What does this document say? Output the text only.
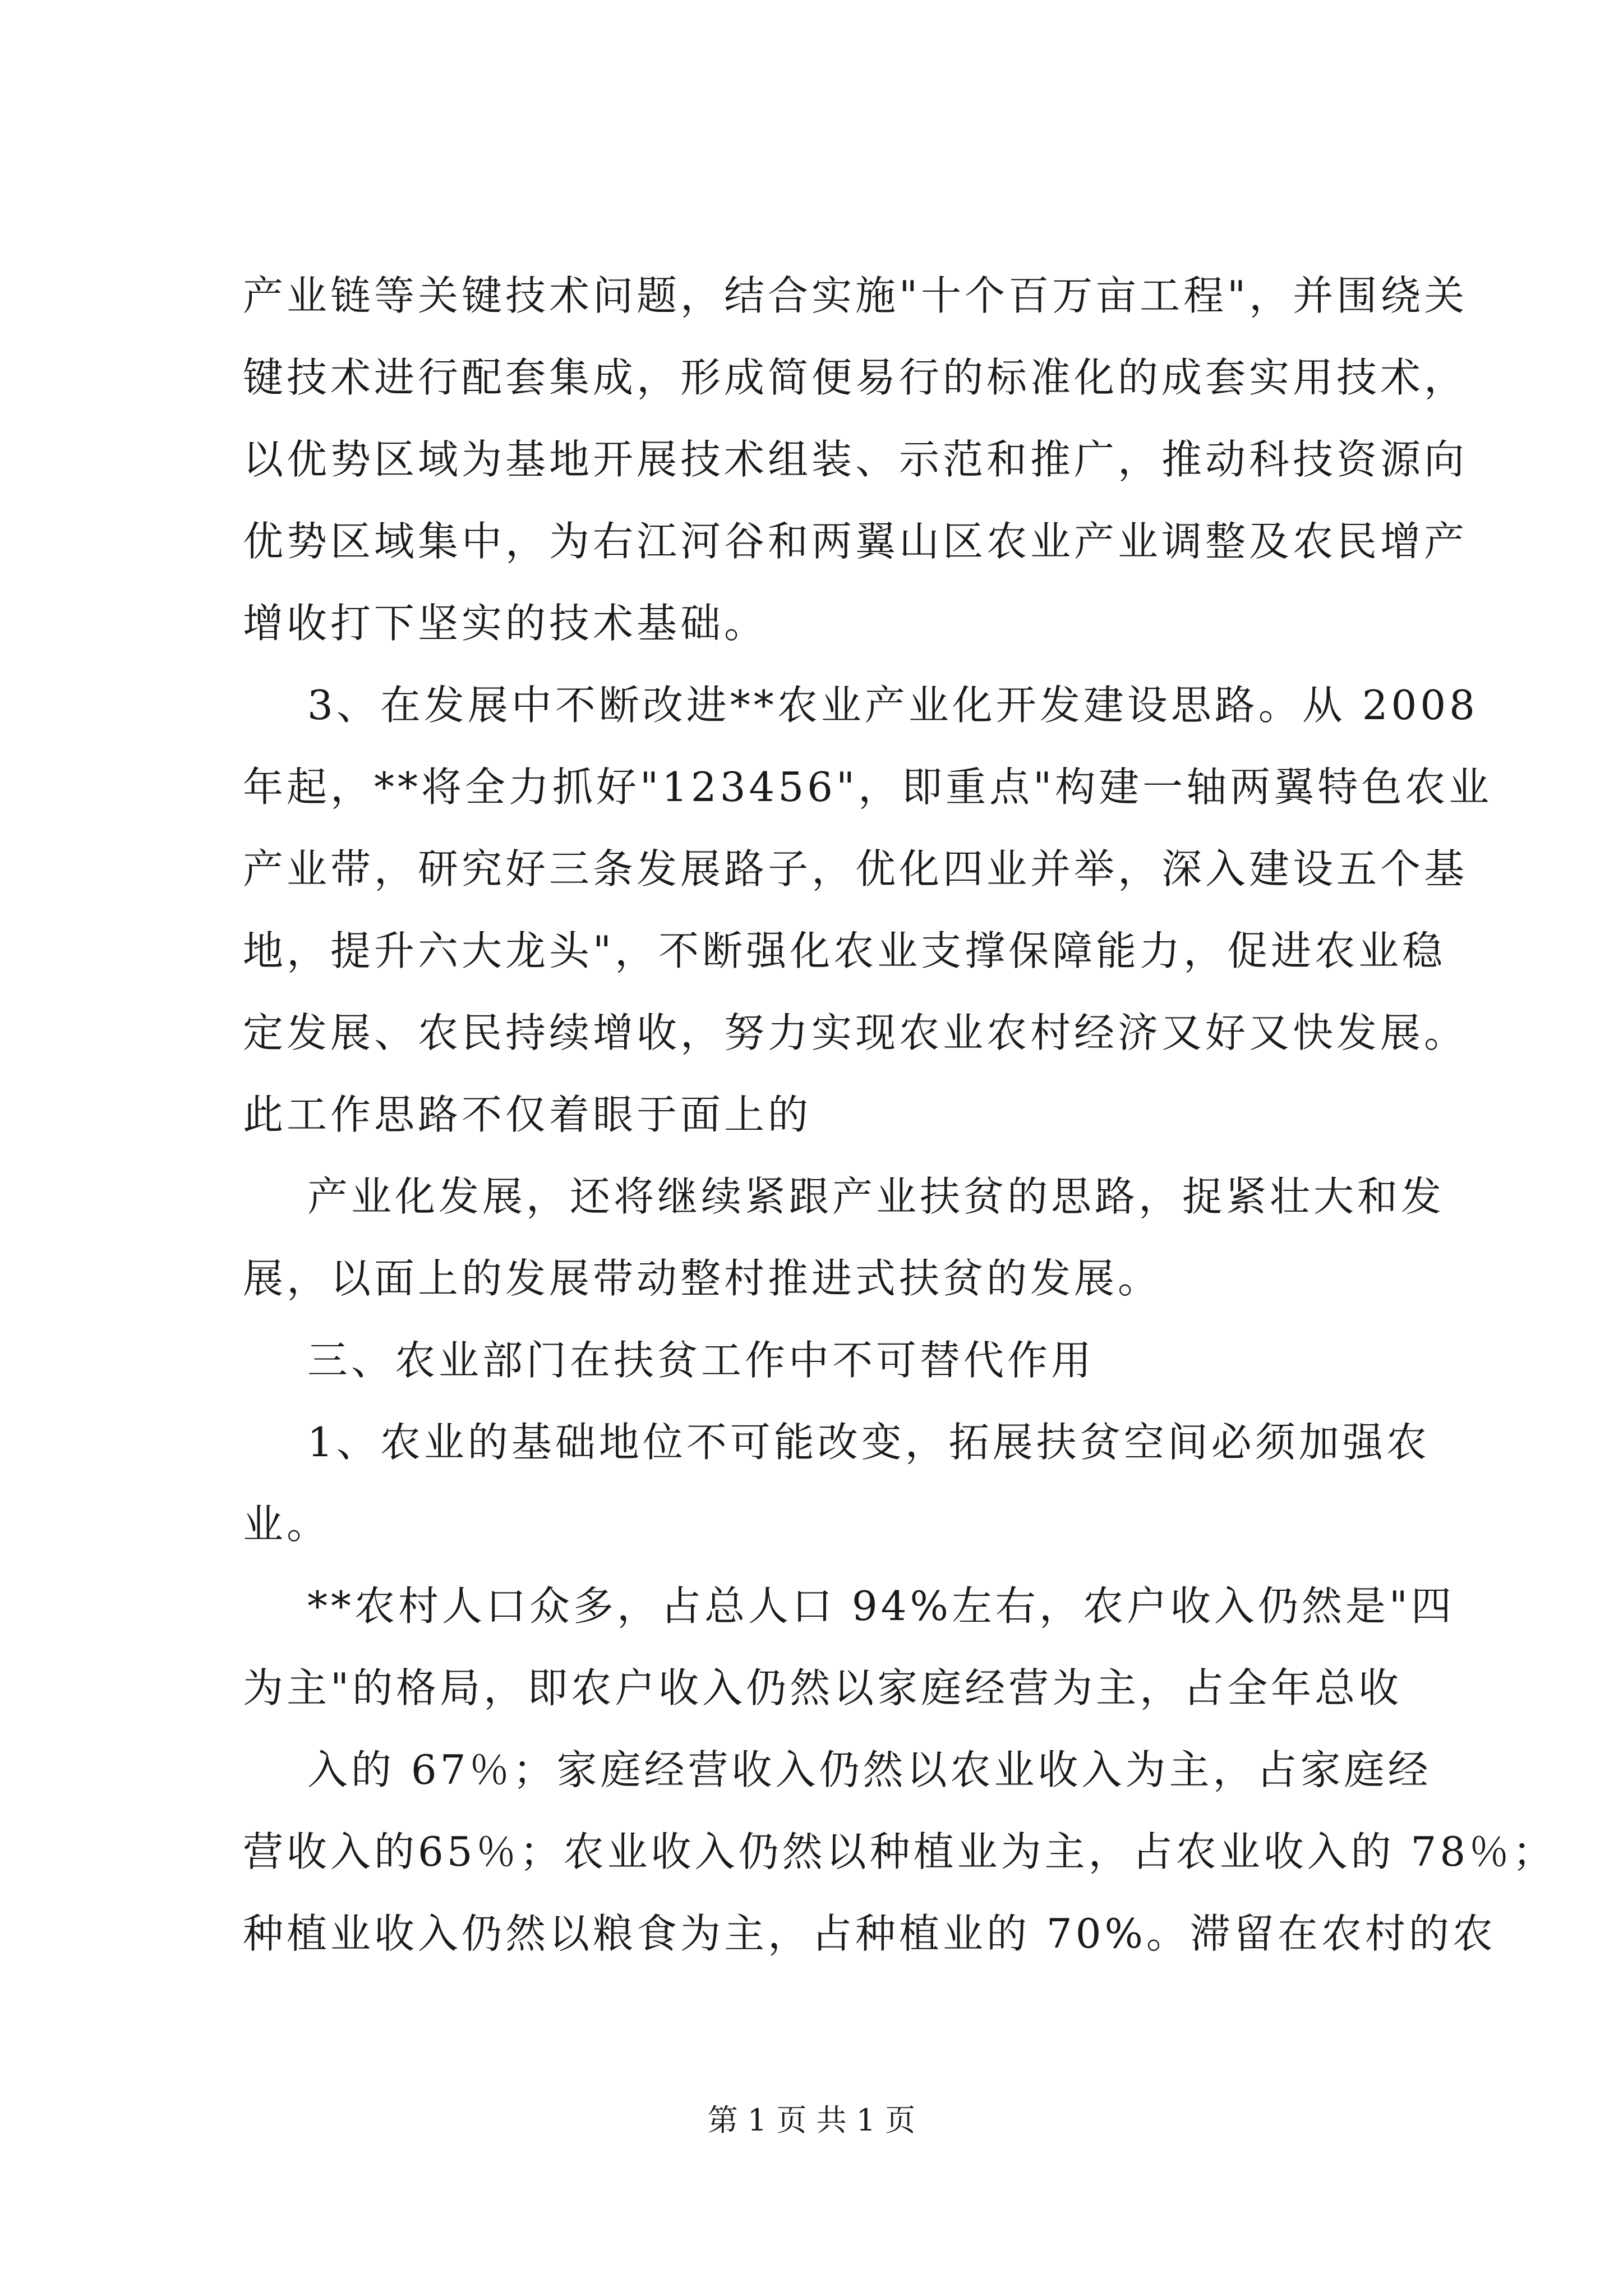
产业链等关键技术问题，结合实施"十个百万亩工程"，并围绕关
键技术进行配套集成，形成简便易行的标准化的成套实用技术，
以优势区域为基地开展技术组装、示范和推广，推动科技资源向
优势区域集中，为右江河谷和两翼山区农业产业调整及农民增产
增收打下坚实的技术基础。
3、在发展中不断改进**农业产业化开发建设思路。从 2008
年起，**将全力抓好"123456"，即重点"构建一轴两翼特色农业
产业带，研究好三条发展路子，优化四业并举，深入建设五个基
地，提升六大龙头"，不断强化农业支撑保障能力，促进农业稳
定发展、农民持续增收，努力实现农业农村经济又好又快发展。
此工作思路不仅着眼于面上的
产业化发展，还将继续紧跟产业扶贫的思路，捉紧壮大和发
展，以面上的发展带动整村推进式扶贫的发展。
三、农业部门在扶贫工作中不可替代作用
1、农业的基础地位不可能改变，拓展扶贫空间必须加强农
业。
**农村人口众多，占总人口 94%左右，农户收入仍然是"四
为主"的格局，即农户收入仍然以家庭经营为主，占全年总收
入的 67％；家庭经营收入仍然以农业收入为主，占家庭经
营收入的65％；农业收入仍然以种植业为主，占农业收入的 78％；
种植业收入仍然以粮食为主，占种植业的 70%。滞留在农村的农
第 1 页 共 1 页
